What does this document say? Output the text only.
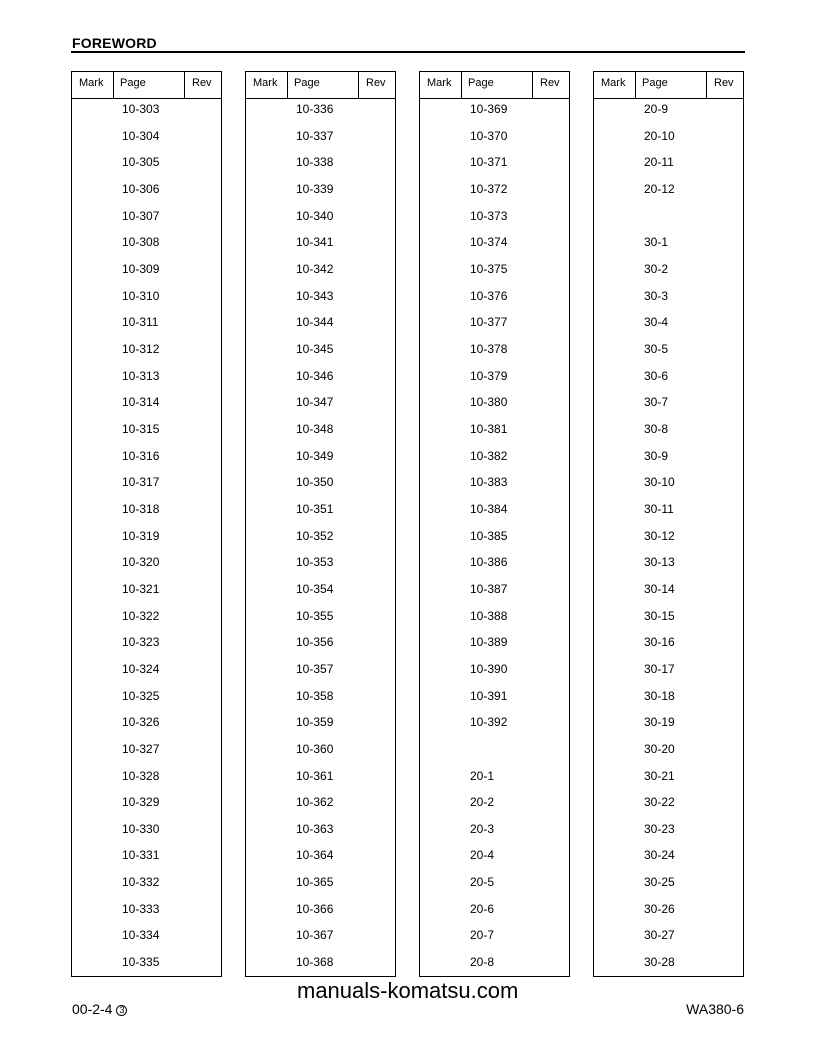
FOREWORD
Mark Page	Rev
10-303
10-304
10-305
10-306
10-307
10-308
10-309
10-310
10-311
10-312
10-313
10-314
10-315
10-316
10-317
10-318
10-319
10-320
10-321
10-322
10-323
10-324
10-325
10-326
10-327
10-328
10-329
10-330
10-331
10-332
10-333
10-334
10-335
Mark Page	Rev
10-336
10-337
10-338
10-339
10-340
10-341
10-342
10-343
10-344
10-345
10-346
10-347
10-348
10-349
10-350
10-351
10-352
10-353
10-354
10-355
10-356
10-357
10-358
10-359
10-360
10-361
10-362
10-363
10-364
10-365
10-366
10-367
10-368
Mark Page	Rev
10-369
10-370
10-371
10-372
10-373
10-374
10-375
10-376
10-377
10-378
10-379
10-380
10-381
10-382
10-383
10-384
10-385
10-386
10-387
10-388
10-389
10-390
10-391
10-392
20-1
20-2
20-3
20-4
20-5
20-6
20-7
20-8
Mark Page	Rev
20-9
20-10
20-11
20-12
30-1
30-2
30-3
30-4
30-5
30-6
30-7
30-8
30-9
30-10
30-11
30-12
30-13
30-14
30-15
30-16
30-17
30-18
30-19
30-20
30-21
30-22
30-23
30-24
30-25
30-26
30-27
30-28
manuals-komatsu.com
00-2-4 3	WA380-6
